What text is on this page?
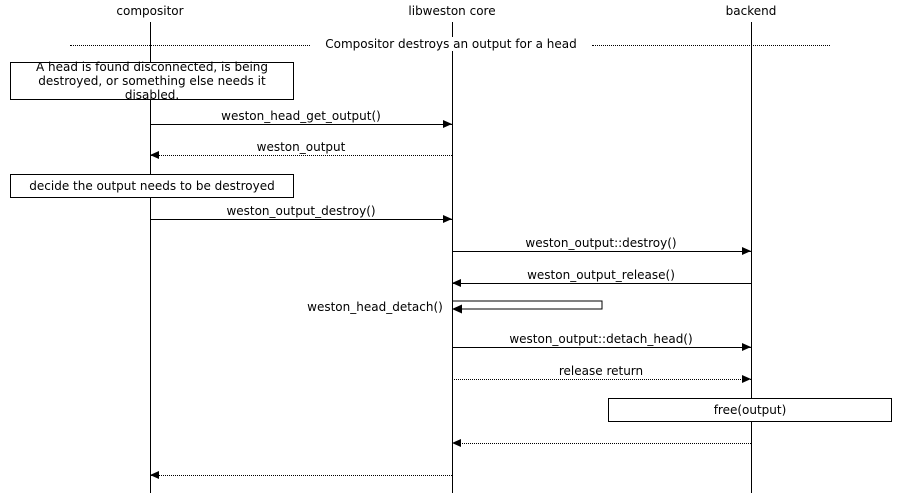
compositor	libweston core	backend
Compositor destroys an output for a head
A head is found disconnected, is being destroyed, or something else needs it disabled.
decide the output needs to be destroyed
free(output)
weston_head_get_output()
weston_output
weston_output_destroy()
weston_output::destroy()
weston_output_release()
weston_head_detach()
weston_output::detach_head()
release return
